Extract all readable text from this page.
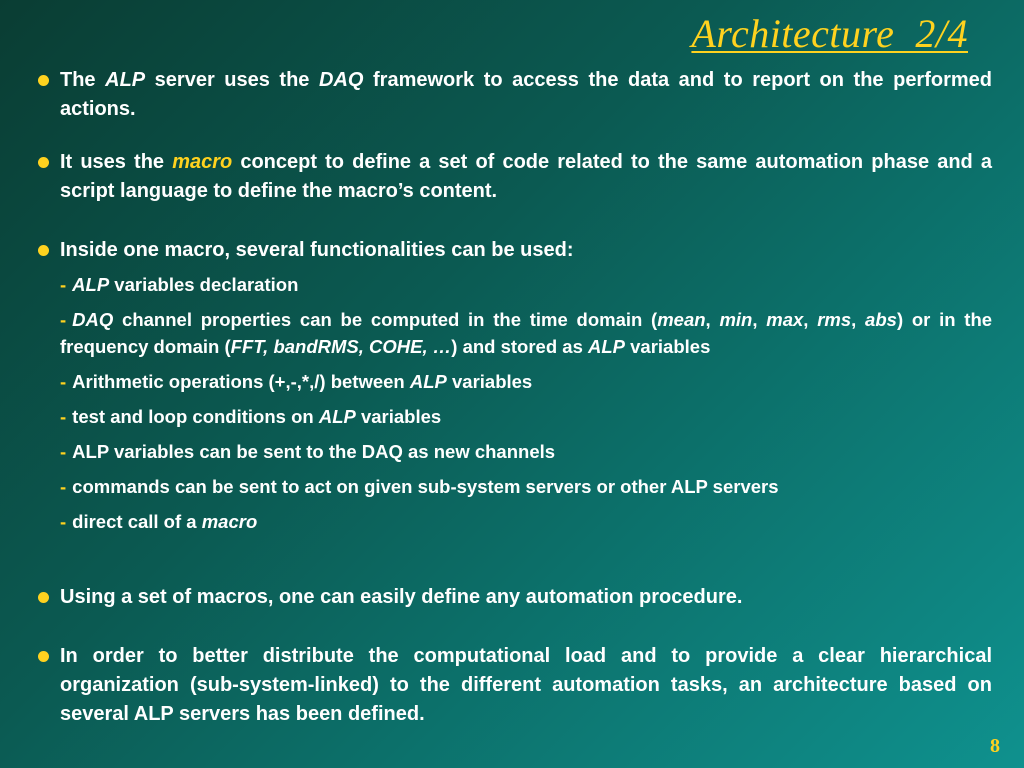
Architecture  2/4
The ALP server uses the DAQ framework to access the data and to report on the performed actions.
It uses the macro concept to define a set of code related to the same automation phase and a script language to define the macro’s content.
Inside one macro, several functionalities can be used:
- ALP variables declaration
- DAQ channel properties can be computed in the time domain (mean, min, max, rms, abs) or in the frequency domain (FFT, bandRMS, COHE, …) and stored as ALP variables
- Arithmetic operations (+,-,*,/) between ALP variables
- test and loop conditions on ALP variables
- ALP variables can be sent to the DAQ as new channels
- commands can be sent to act on given sub-system servers or other ALP servers
- direct call of a macro
Using a set of macros, one can easily define any automation procedure.
In order to better distribute the computational load and to provide a clear hierarchical organization (sub-system-linked) to the different automation tasks, an architecture based on several ALP servers has been defined.
8
